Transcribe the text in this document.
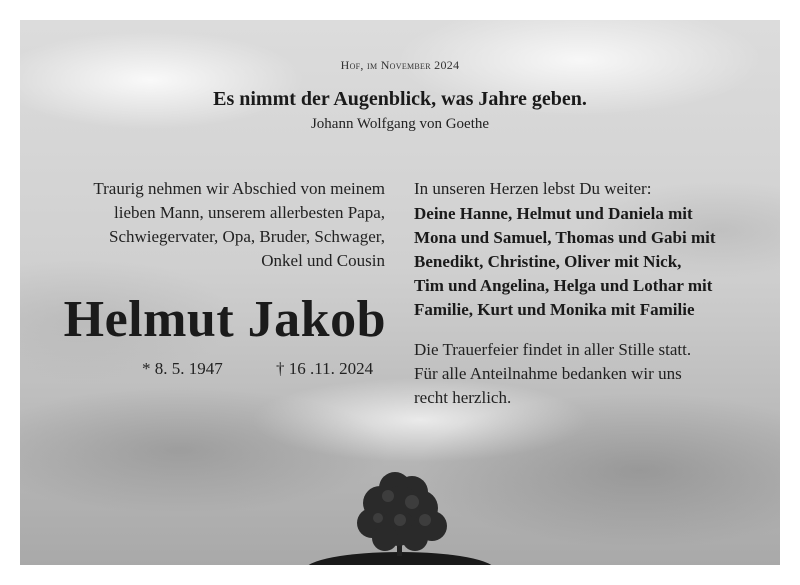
Hof, im November 2024
Es nimmt der Augenblick, was Jahre geben.
Johann Wolfgang von Goethe
Traurig nehmen wir Abschied von meinem
lieben Mann, unserem allerbesten Papa,
Schwiegervater, Opa, Bruder, Schwager,
Onkel und Cousin
Helmut Jakob
* 8. 5. 1947	† 16 .11. 2024
In unseren Herzen lebst Du weiter:
Deine Hanne, Helmut und Daniela mit
Mona und Samuel, Thomas und Gabi mit
Benedikt, Christine, Oliver mit Nick,
Tim und Angelina, Helga und Lothar mit
Familie, Kurt und Monika mit Familie
Die Trauerfeier findet in aller Stille statt.
Für alle Anteilnahme bedanken wir uns
recht herzlich.
